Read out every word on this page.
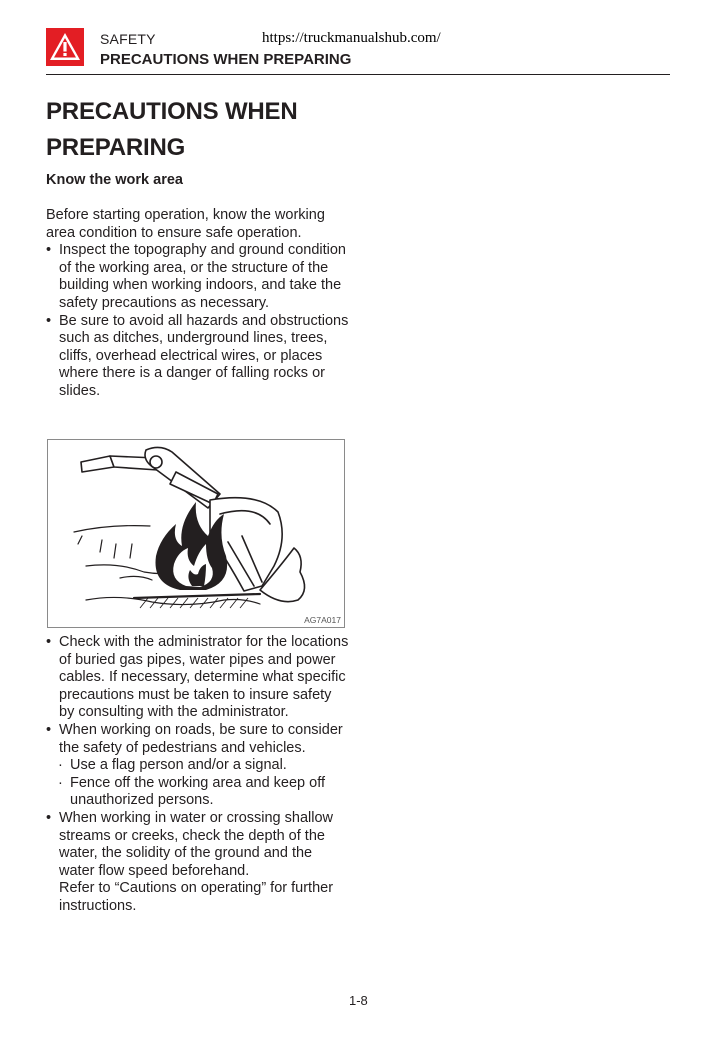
SAFETY	https://truckmanualshub.com/
PRECAUTIONS WHEN PREPARING
PRECAUTIONS WHEN PREPARING
Know the work area

Before starting operation, know the working area condition to ensure safe operation.

• Inspect the topography and ground condition of the working area, or the structure of the building when working indoors, and take the safety precautions as necessary.
• Be sure to avoid all hazards and obstructions such as ditches, underground lines, trees, cliffs, overhead electrical wires, or places where there is a danger of falling rocks or slides.
AG7A017
• Check with the administrator for the locations of buried gas pipes, water pipes and power cables. If necessary, determine what specific precautions must be taken to insure safety by consulting with the administrator.
• When working on roads, be sure to consider the safety of pedestrians and vehicles.
· Use a flag person and/or a signal.
· Fence off the working area and keep off unauthorized persons.
• When working in water or crossing shallow streams or creeks, check the depth of the water, the solidity of the ground and the water flow speed beforehand.
Refer to “Cautions on operating” for further instructions.
1-8
